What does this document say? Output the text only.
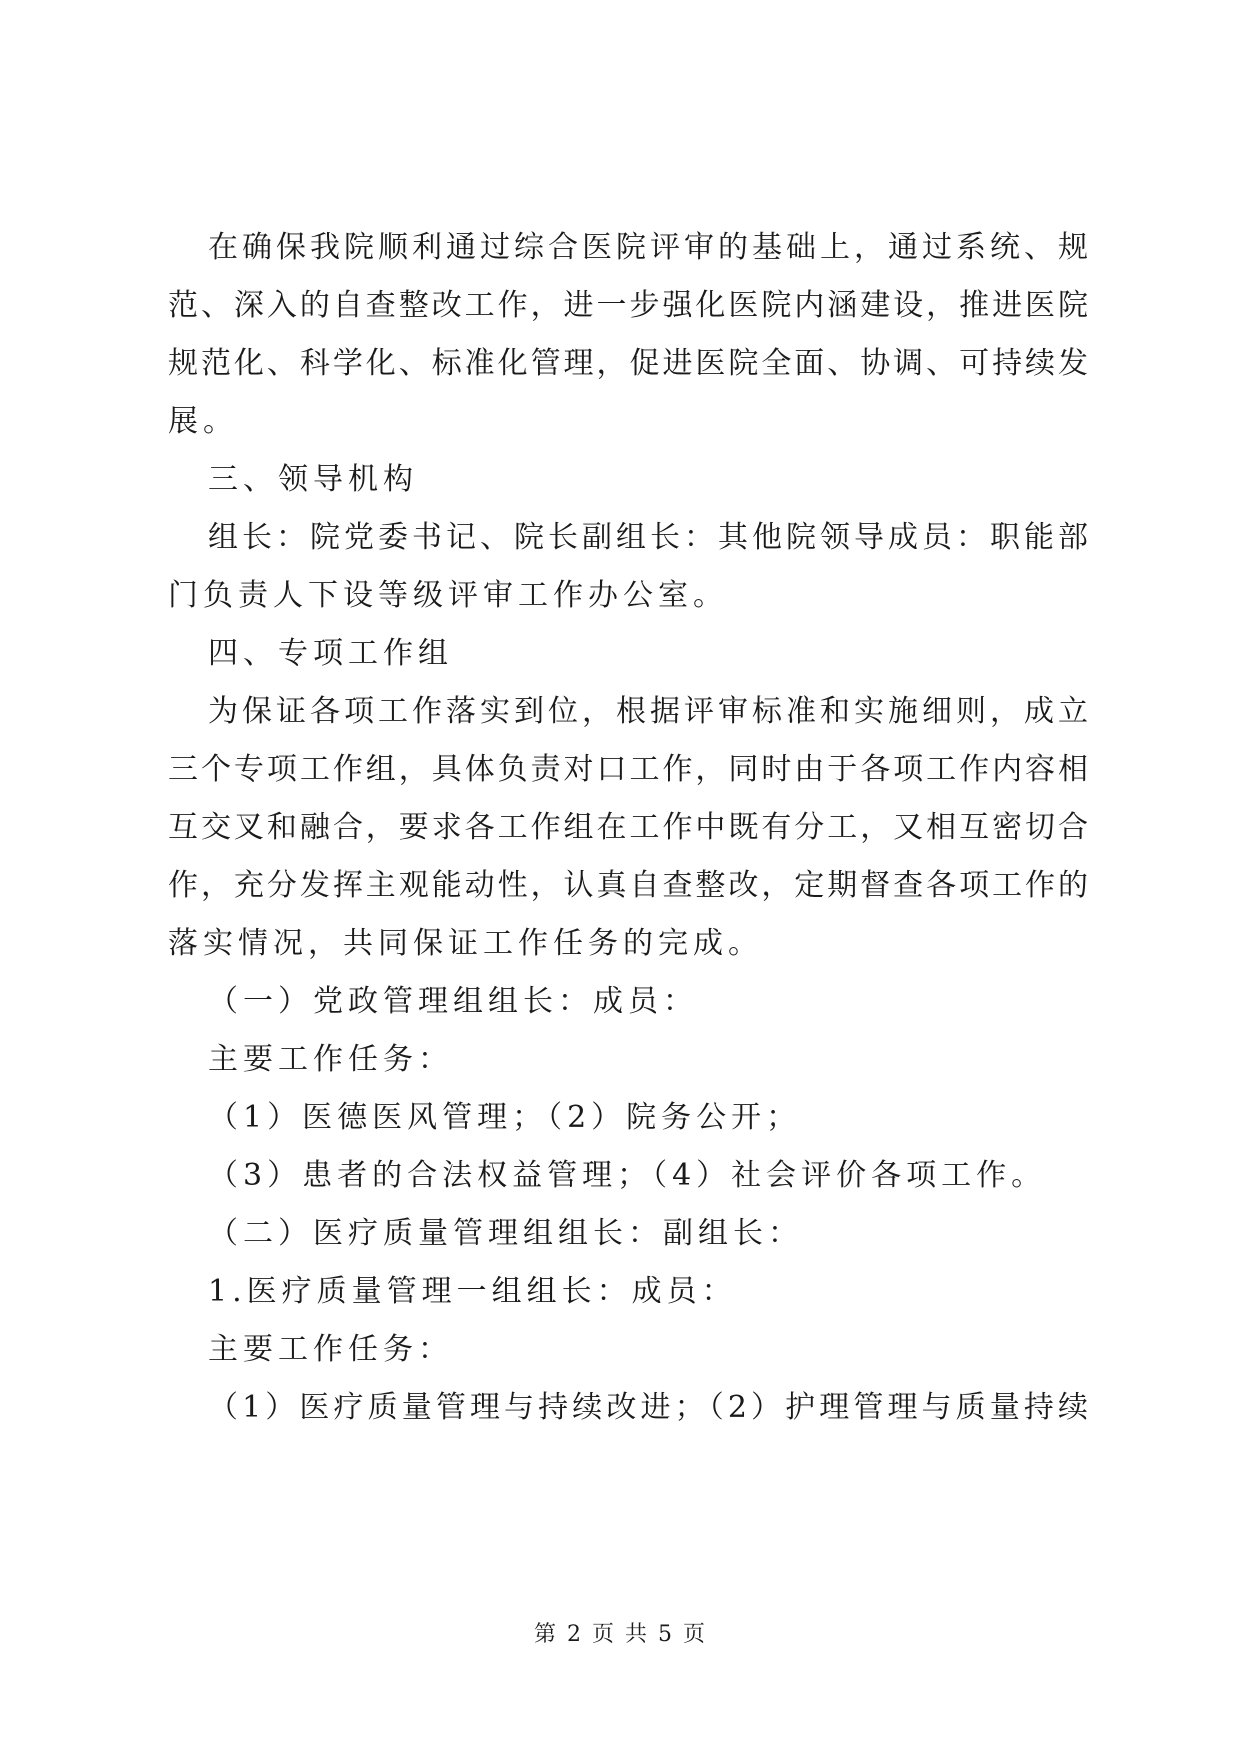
在确保我院顺利通过综合医院评审的基础上，通过系统、规
范、深入的自查整改工作，进一步强化医院内涵建设，推进医院
规范化、科学化、标准化管理，促进医院全面、协调、可持续发
展。
三、领导机构
组长：院党委书记、院长副组长：其他院领导成员：职能部
门负责人下设等级评审工作办公室。
四、专项工作组
为保证各项工作落实到位，根据评审标准和实施细则，成立
三个专项工作组，具体负责对口工作，同时由于各项工作内容相
互交叉和融合，要求各工作组在工作中既有分工，又相互密切合
作，充分发挥主观能动性，认真自查整改，定期督查各项工作的
落实情况，共同保证工作任务的完成。
（一）党政管理组组长：成员：
主要工作任务：
（1）医德医风管理；（2）院务公开；
（3）患者的合法权益管理；（4）社会评价各项工作。
（二）医疗质量管理组组长：副组长：
1.医疗质量管理一组组长：成员：
主要工作任务：
（1）医疗质量管理与持续改进；（2）护理管理与质量持续
第 2 页 共 5 页
